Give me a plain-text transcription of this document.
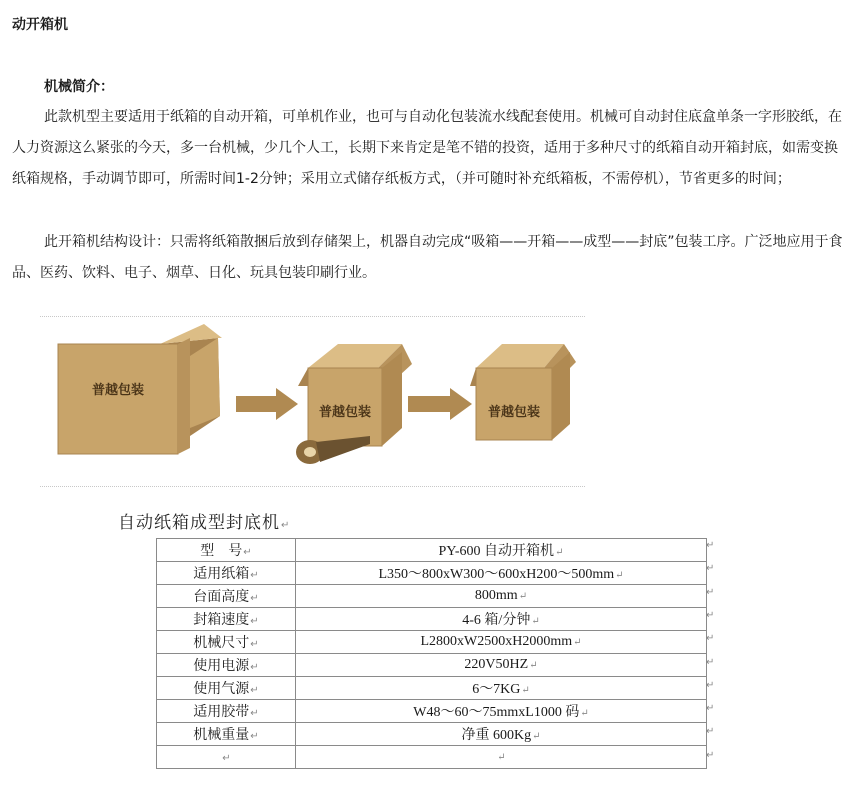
动开箱机
机械简介：

此款机型主要适用于纸箱的自动开箱，可单机作业，也可与自动化包装流水线配套使用。机械可自动封住底盒单条一字形胶纸，在人力资源这么紧张的今天，多一台机械，少几个人工，长期下来肯定是笔不错的投资，适用于多种尺寸的纸箱自动开箱封底，如需变换纸箱规格，手动调节即可，所需时间1-2分钟；采用立式储存纸板方式，（并可随时补充纸箱板，不需停机），节省更多的时间；

此开箱机结构设计：只需将纸箱散捆后放到存储架上，机器自动完成“吸箱——开箱——成型——封底”包装工序。广泛地应用于食品、医药、饮料、电子、烟草、日化、玩具包装印刷行业。

普越包装
普越包装	普越包装
自动纸箱成型封底机↵
型　号↵	PY-600 自动开箱机↵
适用纸箱↵	L350～800xW300～600xH200～500mm↵
台面高度↵	800mm↵
封箱速度↵	4-6 箱/分钟↵
机械尺寸↵	L2800xW2500xH2000mm↵
使用电源↵	220V50HZ↵
使用气源↵	6～7KG↵
适用胶带↵	W48～60～75mmxL1000 码↵
机械重量↵	净重 600Kg↵
↵	↵
↵
↵
↵
↵
↵
↵
↵
↵
↵
↵
